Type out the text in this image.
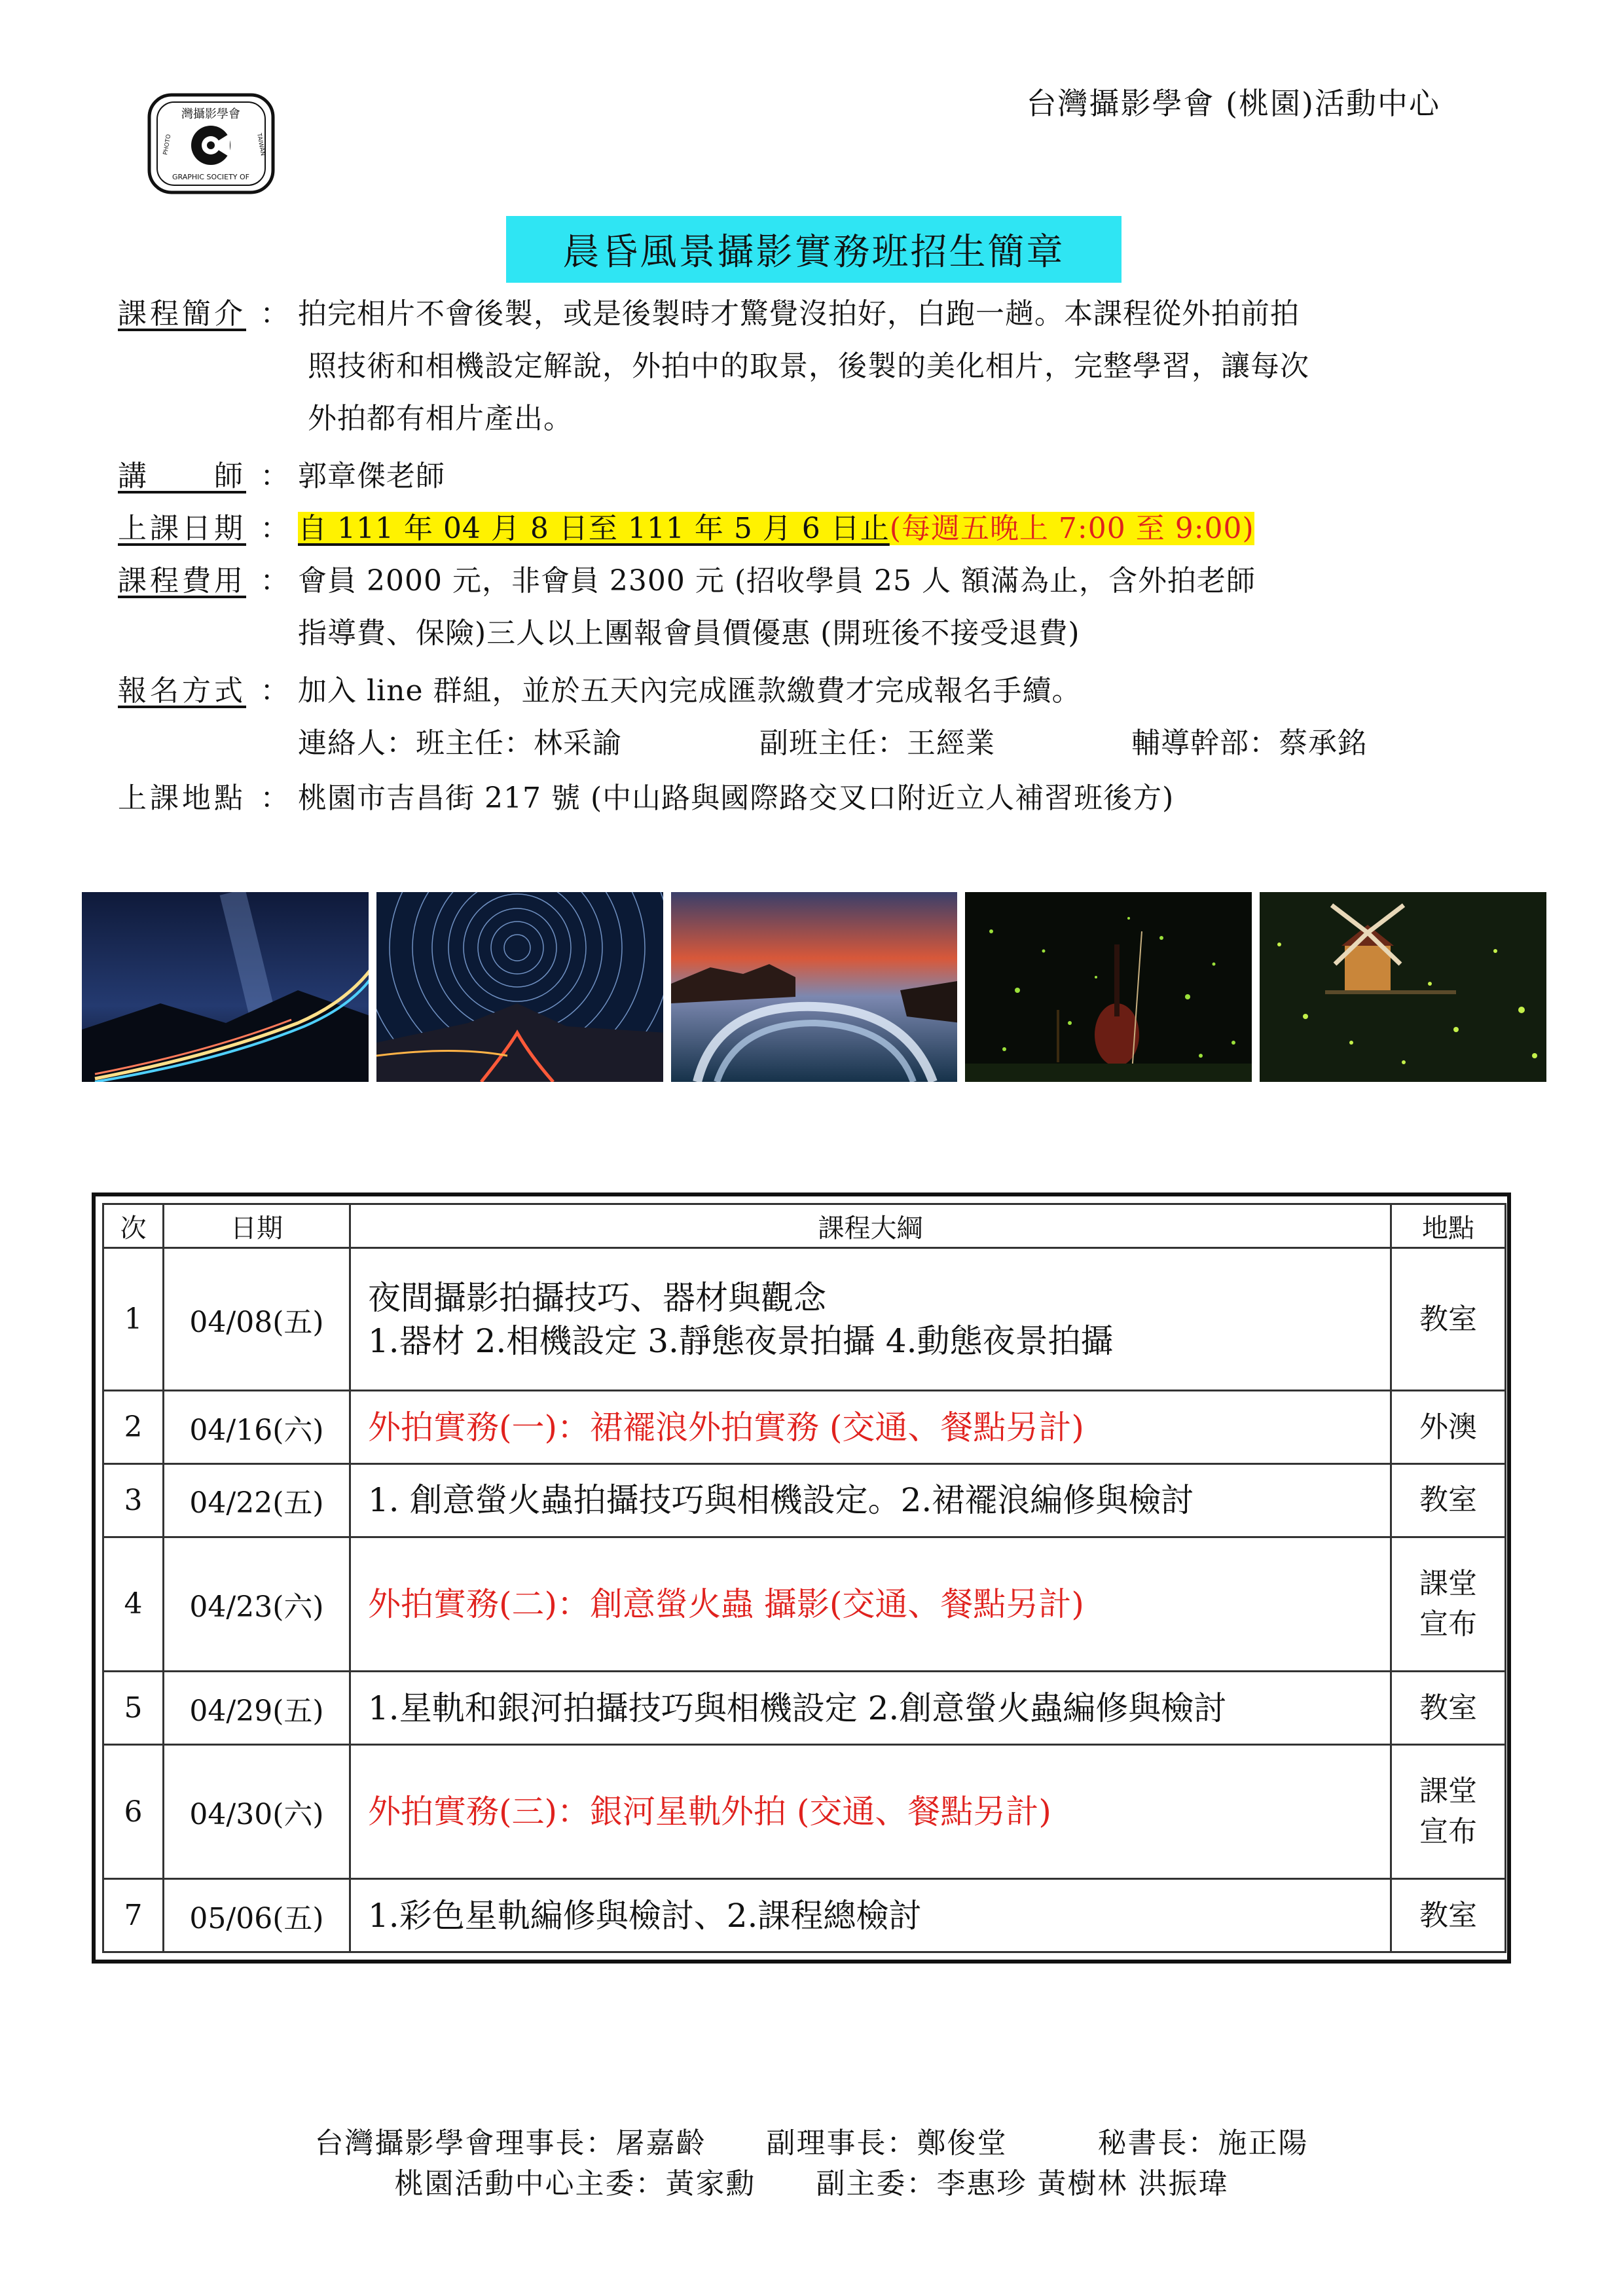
灣攝影學會
GRAPHIC SOCIETY OF
PHOTO	TAIWAN
台灣攝影學會 (桃園)活動中心
晨昏風景攝影實務班招生簡章
課程簡介 ： 拍完相片不會後製，或是後製時才驚覺沒拍好，白跑一趟。本課程從外拍前拍
照技術和相機設定解說，外拍中的取景，後製的美化相片，完整學習，讓每次
外拍都有相片產出。
講　　師 ： 郭章傑老師
上課日期 ： 自 111 年 04 月 8 日至 111 年 5 月 6 日止(每週五晚上 7:00 至 9:00)
課程費用 ： 會員 2000 元，非會員 2300 元 (招收學員 25 人 額滿為止，含外拍老師
指導費、保險)三人以上團報會員價優惠 (開班後不接受退費)
報名方式 ： 加入 line 群組，並於五天內完成匯款繳費才完成報名手續。
連絡人：班主任：林采諭	副班主任：王經業	輔導幹部：蔡承銘
上課地點 ： 桃園市吉昌街 217 號 (中山路與國際路交叉口附近立人補習班後方)
次	日期	課程大綱	地點
1	04/08(五)	夜間攝影拍攝技巧、器材與觀念
1.器材 2.相機設定 3.靜態夜景拍攝 4.動態夜景拍攝	教室

2	04/16(六)	外拍實務(一)：裙襬浪外拍實務 (交通、餐點另計)	外澳

3	04/22(五)	1. 創意螢火蟲拍攝技巧與相機設定。2.裙襬浪編修與檢討	教室

4	04/23(六)	外拍實務(二)：創意螢火蟲 攝影(交通、餐點另計)	課堂
宣布

5	04/29(五)	1.星軌和銀河拍攝技巧與相機設定 2.創意螢火蟲編修與檢討	教室

6	04/30(六)	外拍實務(三)：銀河星軌外拍 (交通、餐點另計)	課堂
宣布

7	05/06(五)	1.彩色星軌編修與檢討、2.課程總檢討	教室
台灣攝影學會理事長：屠嘉齡　　副理事長：鄭俊堂　　　秘書長：施正陽
桃園活動中心主委：黃家勳　　副主委：李惠珍 黃樹林 洪振瑋
